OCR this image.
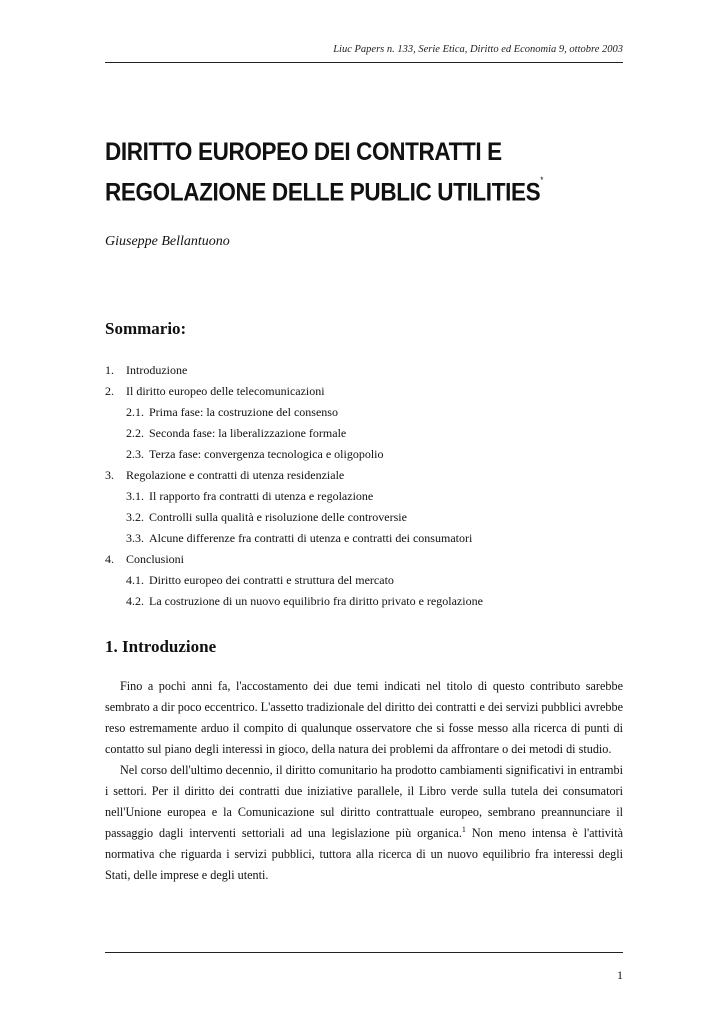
Liuc Papers n. 133, Serie Etica, Diritto ed Economia 9, ottobre 2003
DIRITTO EUROPEO DEI CONTRATTI E
REGOLAZIONE DELLE PUBLIC UTILITIES*
Giuseppe Bellantuono
Sommario:
1. Introduzione
2. Il diritto europeo delle telecomunicazioni
2.1. Prima fase: la costruzione del consenso
2.2. Seconda fase: la liberalizzazione formale
2.3. Terza fase: convergenza tecnologica e oligopolio
3. Regolazione e contratti di utenza residenziale
3.1. Il rapporto fra contratti di utenza e regolazione
3.2. Controlli sulla qualità e risoluzione delle controversie
3.3. Alcune differenze fra contratti di utenza e contratti dei consumatori
4. Conclusioni
4.1. Diritto europeo dei contratti e struttura del mercato
4.2. La costruzione di un nuovo equilibrio fra diritto privato e regolazione
1. Introduzione

Fino a pochi anni fa, l'accostamento dei due temi indicati nel titolo di questo contributo sarebbe sembrato a dir poco eccentrico. L'assetto tradizionale del diritto dei contratti e dei servizi pubblici avrebbe reso estremamente arduo il compito di qualunque osservatore che si fosse messo alla ricerca di punti di contatto sul piano degli interessi in gioco, della natura dei problemi da affrontare o dei metodi di studio.

Nel corso dell'ultimo decennio, il diritto comunitario ha prodotto cambiamenti significativi in entrambi i settori. Per il diritto dei contratti due iniziative parallele, il Libro verde sulla tutela dei consumatori nell'Unione europea e la Comunicazione sul diritto contrattuale europeo, sembrano preannunciare il passaggio dagli interventi settoriali ad una legislazione più organica.$^1$ Non meno intensa è l'attività normativa che riguarda i servizi pubblici, tuttora alla ricerca di un nuovo equilibrio fra interessi degli Stati, delle imprese e degli utenti.

1
